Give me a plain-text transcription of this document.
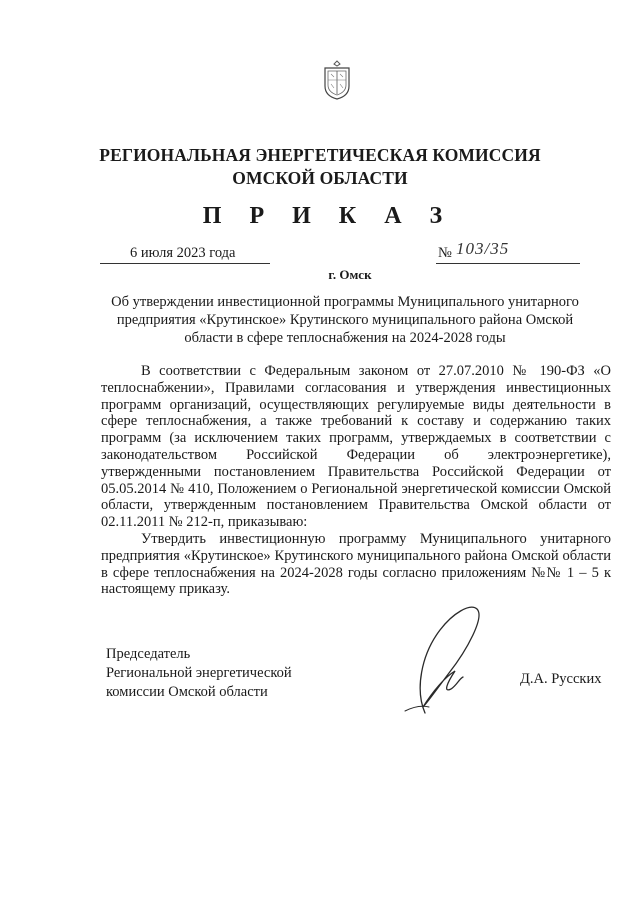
РЕГИОНАЛЬНАЯ ЭНЕРГЕТИЧЕСКАЯ КОМИССИЯ
ОМСКОЙ ОБЛАСТИ
П Р И К А З
6 июля 2023 года	№ 103/35
г. Омск
Об утверждении инвестиционной программы Муниципального унитарного предприятия «Крутинское» Крутинского муниципального района Омской области в сфере теплоснабжения на 2024-2028 годы

В соответствии с Федеральным законом от 27.07.2010 № 190-ФЗ «О теплоснабжении», Правилами согласования и утверждения инвестиционных программ организаций, осуществляющих регулируемые виды деятельности в сфере теплоснабжения, а также требований к составу и содержанию таких программ (за исключением таких программ, утверждаемых в соответствии с законодательством Российской Федерации об электроэнергетике), утвержденными постановлением Правительства Российской Федерации от 05.05.2014 № 410, Положением о Региональной энергетической комиссии Омской области, утвержденным постановлением Правительства Омской области от 02.11.2011 № 212-п, приказываю:

Утвердить инвестиционную программу Муниципального унитарного предприятия «Крутинское» Крутинского муниципального района Омской области в сфере теплоснабжения на 2024-2028 годы согласно приложениям №№ 1 – 5 к настоящему приказу.

Председатель
Региональной энергетической
комиссии Омской области
Д.А. Русских
